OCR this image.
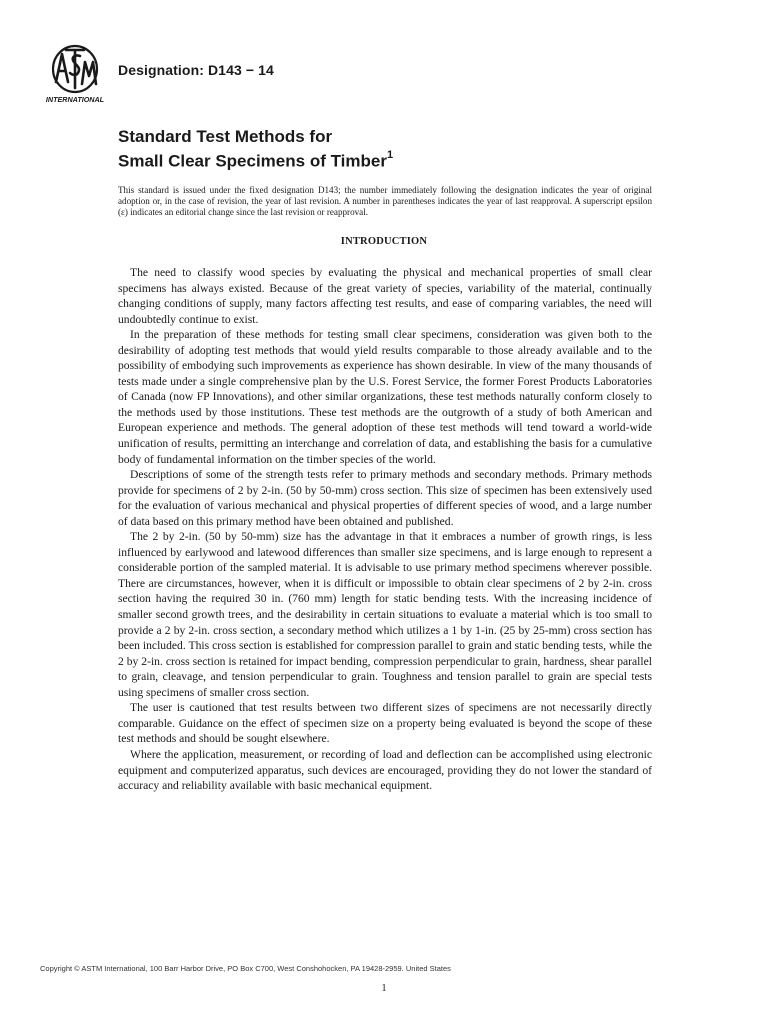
INTERNATIONAL
Designation: D143 − 14
Standard Test Methods for
Small Clear Specimens of Timber$^1$
This standard is issued under the fixed designation D143; the number immediately following the designation indicates the year of original adoption or, in the case of revision, the year of last revision. A number in parentheses indicates the year of last reapproval. A superscript epsilon (ε) indicates an editorial change since the last revision or reapproval.
INTRODUCTION

The need to classify wood species by evaluating the physical and mechanical properties of small clear specimens has always existed. Because of the great variety of species, variability of the material, continually changing conditions of supply, many factors affecting test results, and ease of comparing variables, the need will undoubtedly continue to exist.

In the preparation of these methods for testing small clear specimens, consideration was given both to the desirability of adopting test methods that would yield results comparable to those already available and to the possibility of embodying such improvements as experience has shown desirable. In view of the many thousands of tests made under a single comprehensive plan by the U.S. Forest Service, the former Forest Products Laboratories of Canada (now FP Innovations), and other similar organizations, these test methods naturally conform closely to the methods used by those institutions. These test methods are the outgrowth of a study of both American and European experience and methods. The general adoption of these test methods will tend toward a world-wide unification of results, permitting an interchange and correlation of data, and establishing the basis for a cumulative body of fundamental information on the timber species of the world.

Descriptions of some of the strength tests refer to primary methods and secondary methods. Primary methods provide for specimens of 2 by 2-in. (50 by 50-mm) cross section. This size of specimen has been extensively used for the evaluation of various mechanical and physical properties of different species of wood, and a large number of data based on this primary method have been obtained and published.

The 2 by 2-in. (50 by 50-mm) size has the advantage in that it embraces a number of growth rings, is less influenced by earlywood and latewood differences than smaller size specimens, and is large enough to represent a considerable portion of the sampled material. It is advisable to use primary method specimens wherever possible. There are circumstances, however, when it is difficult or impossible to obtain clear specimens of 2 by 2-in. cross section having the required 30 in. (760 mm) length for static bending tests. With the increasing incidence of smaller second growth trees, and the desirability in certain situations to evaluate a material which is too small to provide a 2 by 2-in. cross section, a secondary method which utilizes a 1 by 1-in. (25 by 25-mm) cross section has been included. This cross section is established for compression parallel to grain and static bending tests, while the 2 by 2-in. cross section is retained for impact bending, compression perpendicular to grain, hardness, shear parallel to grain, cleavage, and tension perpendicular to grain. Toughness and tension parallel to grain are special tests using specimens of smaller cross section.

The user is cautioned that test results between two different sizes of specimens are not necessarily directly comparable. Guidance on the effect of specimen size on a property being evaluated is beyond the scope of these test methods and should be sought elsewhere.

Where the application, measurement, or recording of load and deflection can be accomplished using electronic equipment and computerized apparatus, such devices are encouraged, providing they do not lower the standard of accuracy and reliability available with basic mechanical equipment.

Copyright © ASTM International, 100 Barr Harbor Drive, PO Box C700, West Conshohocken, PA 19428-2959. United States
1
